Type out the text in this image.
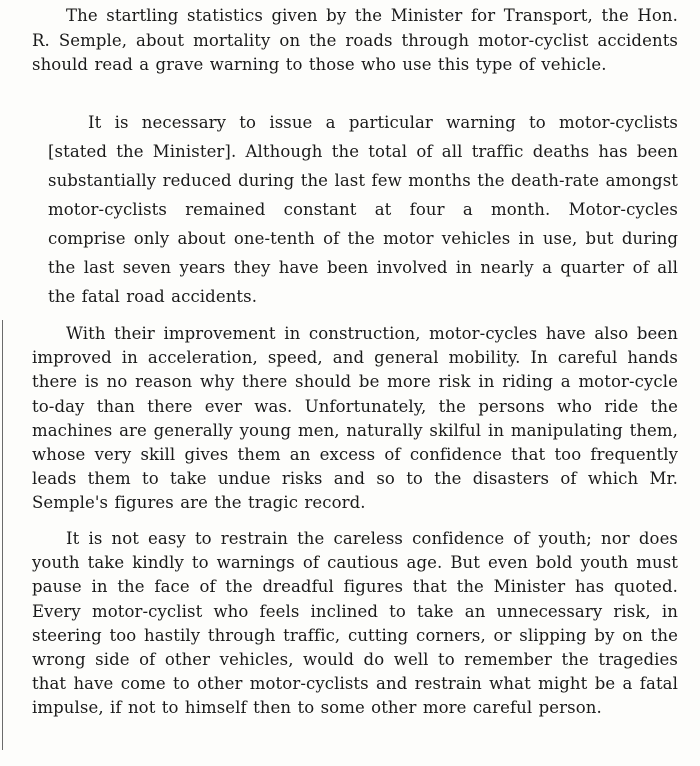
The startling statistics given by the Minister for Transport, the Hon. R. Semple, about mortality on the roads through motor-cyclist accidents should read a grave warning to those who use this type of vehicle.

It is necessary to issue a particular warning to motor-cyclists [stated the Minister]. Although the total of all traffic deaths has been substantially reduced during the last few months the death-rate amongst motor-cyclists remained constant at four a month. Motor-cycles comprise only about one-tenth of the motor vehicles in use, but during the last seven years they have been involved in nearly a quarter of all the fatal road accidents.

With their improvement in construction, motor-cycles have also been improved in acceleration, speed, and general mobility. In careful hands there is no reason why there should be more risk in riding a motor-cycle to-day than there ever was. Unfortunately, the persons who ride the machines are generally young men, naturally skilful in manipulating them, whose very skill gives them an excess of confidence that too frequently leads them to take undue risks and so to the disasters of which Mr. Semple's figures are the tragic record.

It is not easy to restrain the careless confidence of youth; nor does youth take kindly to warnings of cautious age. But even bold youth must pause in the face of the dreadful figures that the Minister has quoted. Every motor-cyclist who feels inclined to take an unnecessary risk, in steering too hastily through traffic, cutting corners, or slipping by on the wrong side of other vehicles, would do well to remember the tragedies that have come to other motor-cyclists and restrain what might be a fatal impulse, if not to himself then to some other more careful person.
